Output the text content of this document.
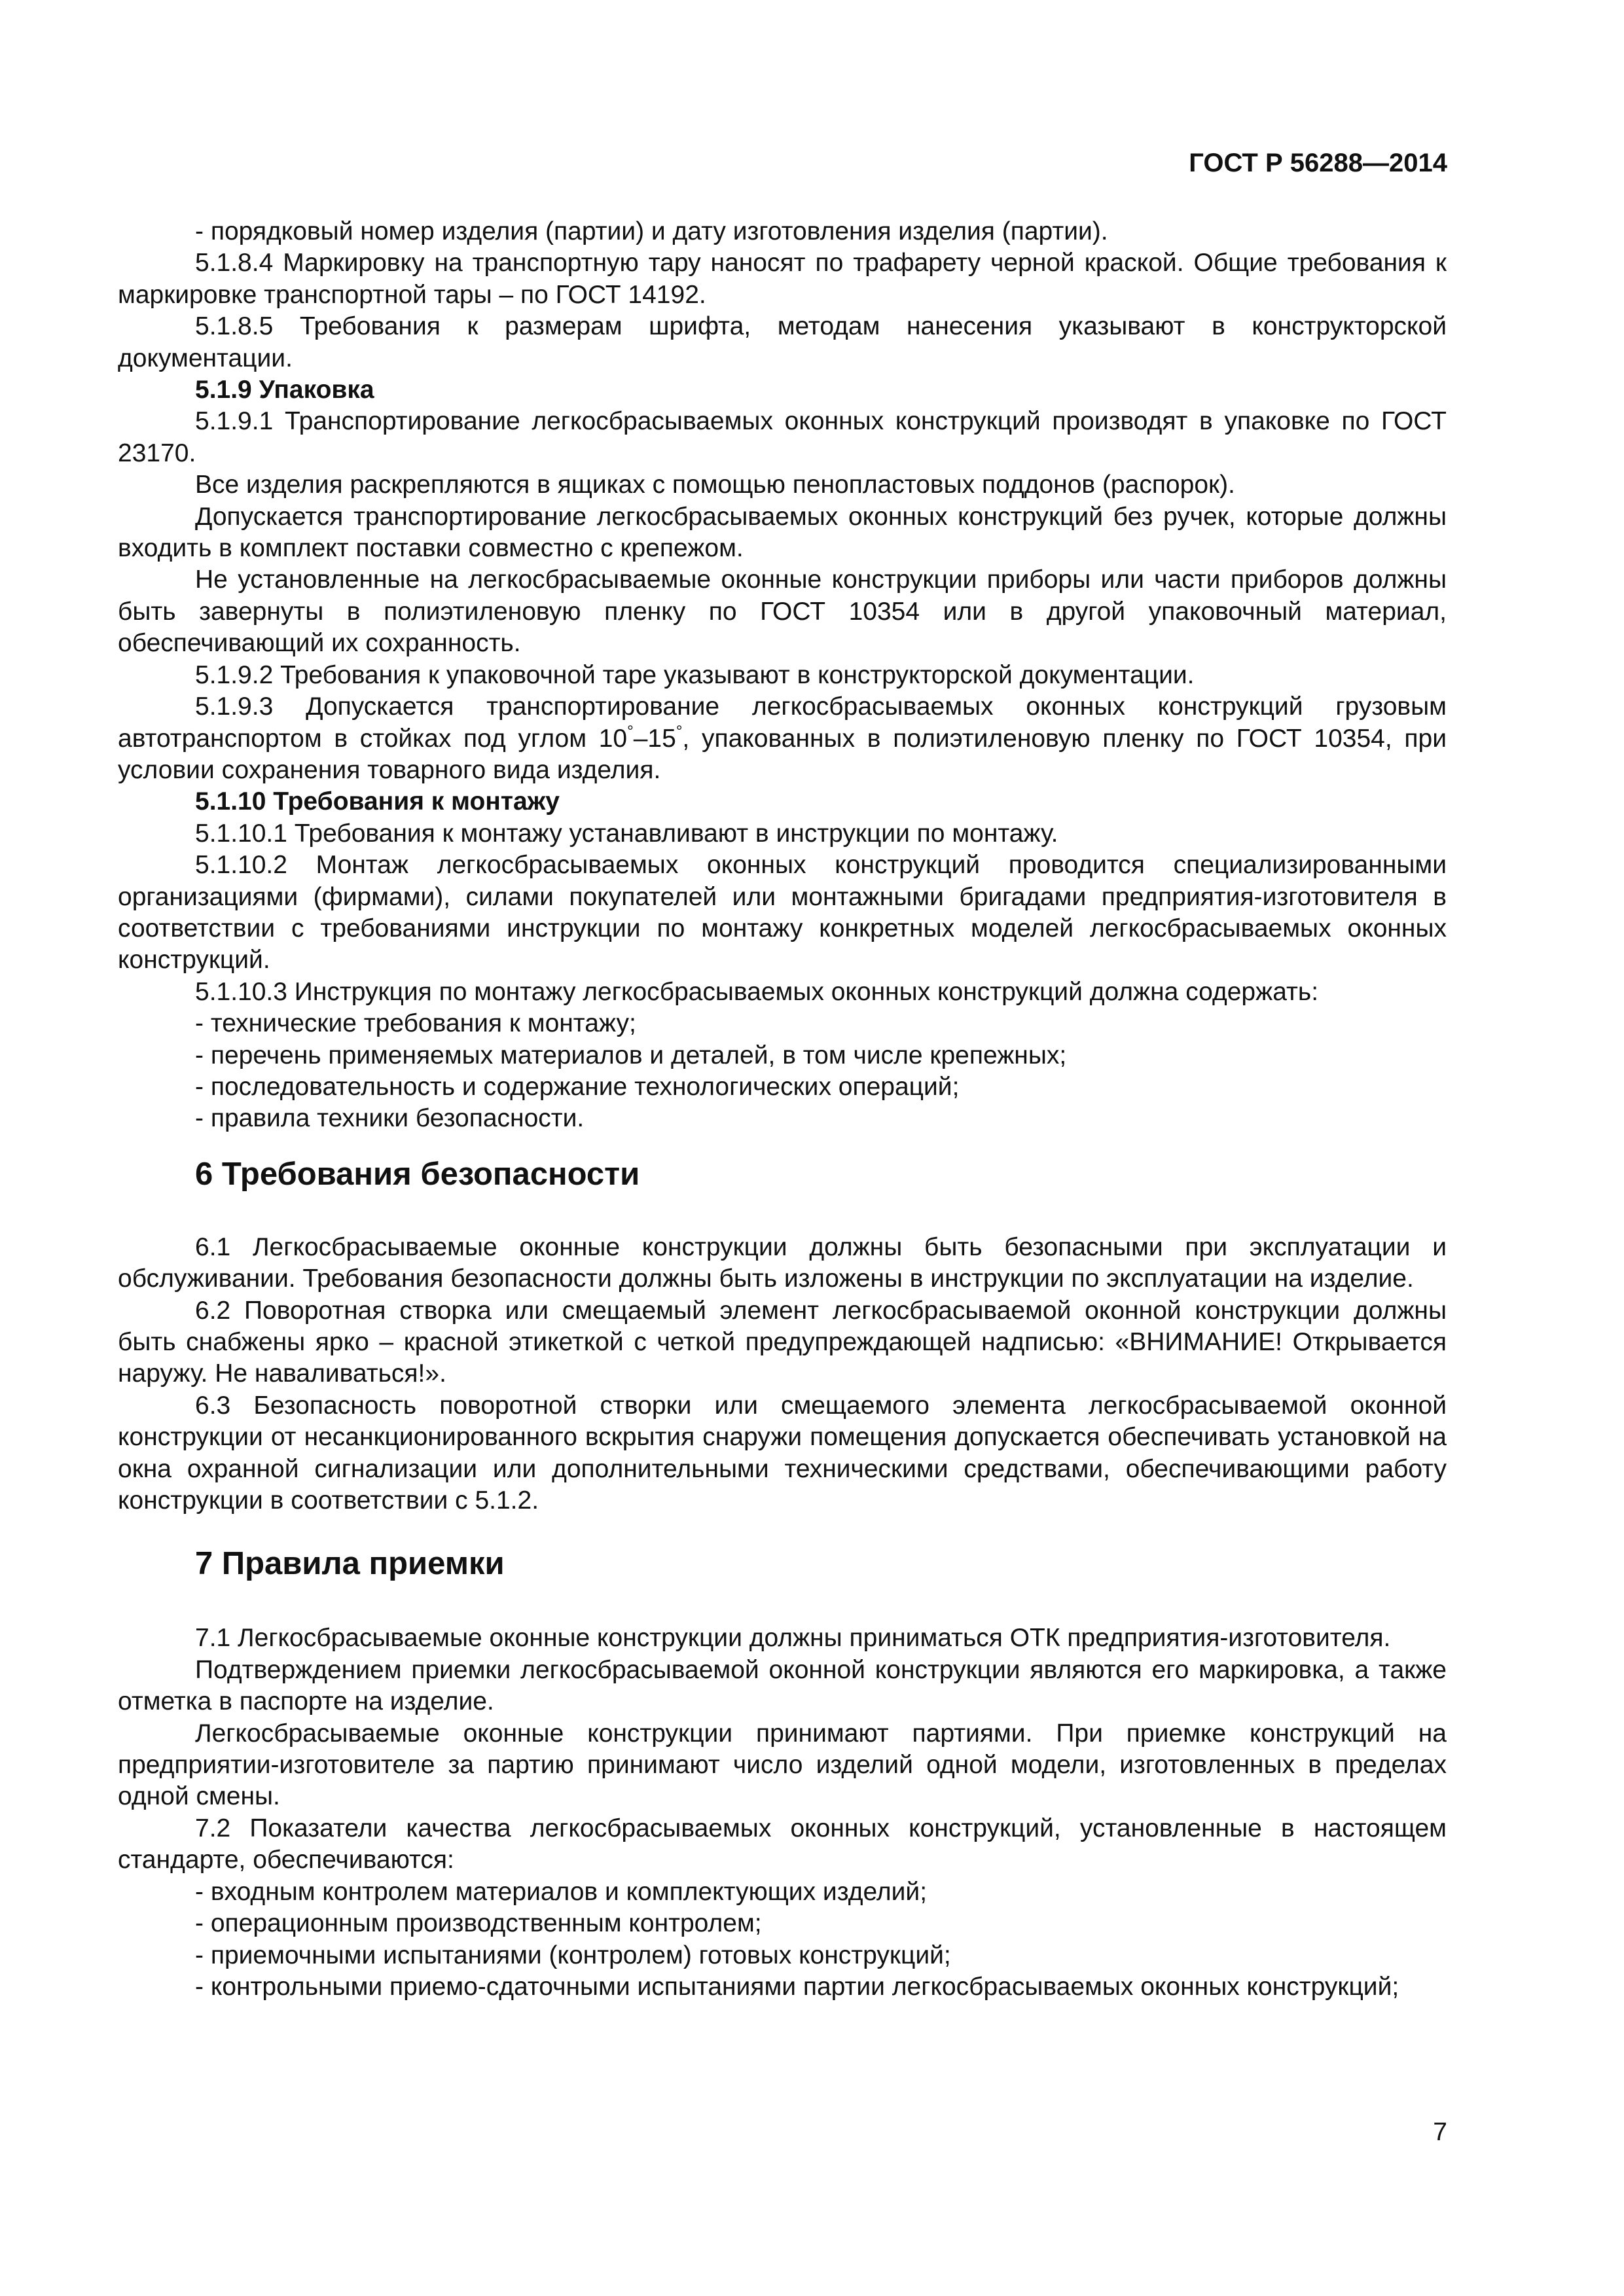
ГОСТ Р 56288—2014

- порядковый номер изделия (партии) и дату изготовления изделия (партии).

5.1.8.4 Маркировку на транспортную тару наносят по трафарету черной краской. Общие требования к маркировке транспортной тары – по ГОСТ 14192.

5.1.8.5 Требования к размерам шрифта, методам нанесения указывают в конструкторской документации.

5.1.9 Упаковка

5.1.9.1 Транспортирование легкосбрасываемых оконных конструкций производят в упаковке по ГОСТ 23170.

Все изделия раскрепляются в ящиках с помощью пенопластовых поддонов (распорок).

Допускается транспортирование легкосбрасываемых оконных конструкций без ручек, которые должны входить в комплект поставки совместно с крепежом.

Не установленные на легкосбрасываемые оконные конструкции приборы или части приборов должны быть завернуты в полиэтиленовую пленку по ГОСТ 10354 или в другой упаковочный материал, обеспечивающий их сохранность.

5.1.9.2 Требования к упаковочной таре указывают в конструкторской документации.

5.1.9.3 Допускается транспортирование легкосбрасываемых оконных конструкций грузовым автотранспортом в стойках под углом 10°–15°, упакованных в полиэтиленовую пленку по ГОСТ 10354, при условии сохранения товарного вида изделия.

5.1.10 Требования к монтажу

5.1.10.1 Требования к монтажу устанавливают в инструкции по монтажу.

5.1.10.2 Монтаж легкосбрасываемых оконных конструкций проводится специализированными организациями (фирмами), силами покупателей или монтажными бригадами предприятия-изготовителя в соответствии с требованиями инструкции по монтажу конкретных моделей легкосбрасываемых оконных конструкций.

5.1.10.3 Инструкция по монтажу легкосбрасываемых оконных конструкций должна содержать:

- технические требования к монтажу;

- перечень применяемых материалов и деталей, в том числе крепежных;

- последовательность и содержание технологических операций;

- правила техники безопасности.

6 Требования безопасности

6.1 Легкосбрасываемые оконные конструкции должны быть безопасными при эксплуатации и обслуживании. Требования безопасности должны быть изложены в инструкции по эксплуатации на изделие.

6.2 Поворотная створка или смещаемый элемент легкосбрасываемой оконной конструкции должны быть снабжены ярко – красной этикеткой с четкой предупреждающей надписью: «ВНИМАНИЕ! Открывается наружу. Не наваливаться!».

6.3 Безопасность поворотной створки или смещаемого элемента легкосбрасываемой оконной конструкции от несанкционированного вскрытия снаружи помещения допускается обеспечивать установкой на окна охранной сигнализации или дополнительными техническими средствами, обеспечивающими работу конструкции в соответствии с 5.1.2.

7 Правила приемки

7.1 Легкосбрасываемые оконные конструкции должны приниматься ОТК предприятия-изготовителя.

Подтверждением приемки легкосбрасываемой оконной конструкции являются его маркировка, а также отметка в паспорте на изделие.

Легкосбрасываемые оконные конструкции принимают партиями. При приемке конструкций на предприятии-изготовителе за партию принимают число изделий одной модели, изготовленных в пределах одной смены.

7.2 Показатели качества легкосбрасываемых оконных конструкций, установленные в настоящем стандарте, обеспечиваются:

- входным контролем материалов и комплектующих изделий;

- операционным производственным контролем;

- приемочными испытаниями (контролем) готовых конструкций;

- контрольными приемо-сдаточными испытаниями партии легкосбрасываемых оконных конструкций;

7
